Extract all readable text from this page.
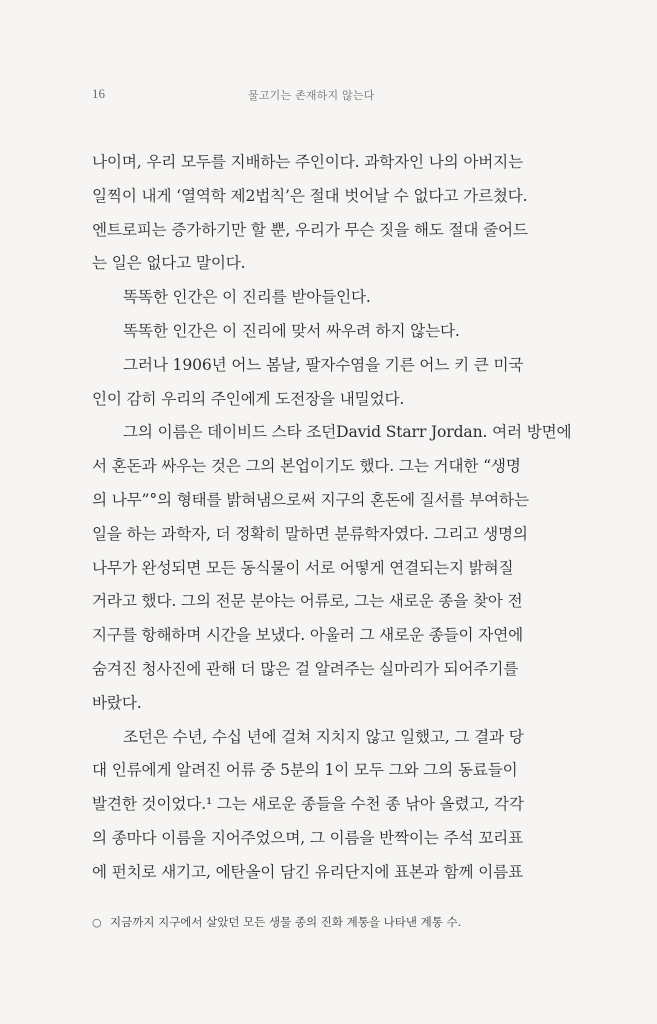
16	물고기는 존재하지 않는다
나이며, 우리 모두를 지배하는 주인이다. 과학자인 나의 아버지는
일찍이 내게 ‘열역학 제2법칙’은 절대 벗어날 수 없다고 가르쳤다.
엔트로피는 증가하기만 할 뿐, 우리가 무슨 짓을 해도 절대 줄어드
는 일은 없다고 말이다.
똑똑한 인간은 이 진리를 받아들인다.
똑똑한 인간은 이 진리에 맞서 싸우려 하지 않는다.
그러나 1906년 어느 봄날, 팔자수염을 기른 어느 키 큰 미국
인이 감히 우리의 주인에게 도전장을 내밀었다.
그의 이름은 데이비드 스타 조던David Starr Jordan. 여러 방면에
서 혼돈과 싸우는 것은 그의 본업이기도 했다. 그는 거대한 “생명
의 나무”°의 형태를 밝혀냄으로써 지구의 혼돈에 질서를 부여하는
일을 하는 과학자, 더 정확히 말하면 분류학자였다. 그리고 생명의
나무가 완성되면 모든 동식물이 서로 어떻게 연결되는지 밝혀질
거라고 했다. 그의 전문 분야는 어류로, 그는 새로운 종을 찾아 전
지구를 항해하며 시간을 보냈다. 아울러 그 새로운 종들이 자연에
숨겨진 청사진에 관해 더 많은 걸 알려주는 실마리가 되어주기를
바랐다.
조던은 수년, 수십 년에 걸쳐 지치지 않고 일했고, 그 결과 당
대 인류에게 알려진 어류 중 5분의 1이 모두 그와 그의 동료들이
발견한 것이었다.¹ 그는 새로운 종들을 수천 종 낚아 올렸고, 각각
의 종마다 이름을 지어주었으며, 그 이름을 반짝이는 주석 꼬리표
에 펀치로 새기고, 에탄올이 담긴 유리단지에 표본과 함께 이름표
○ 지금까지 지구에서 살았던 모든 생물 종의 진화 계통을 나타낸 계통 수.
